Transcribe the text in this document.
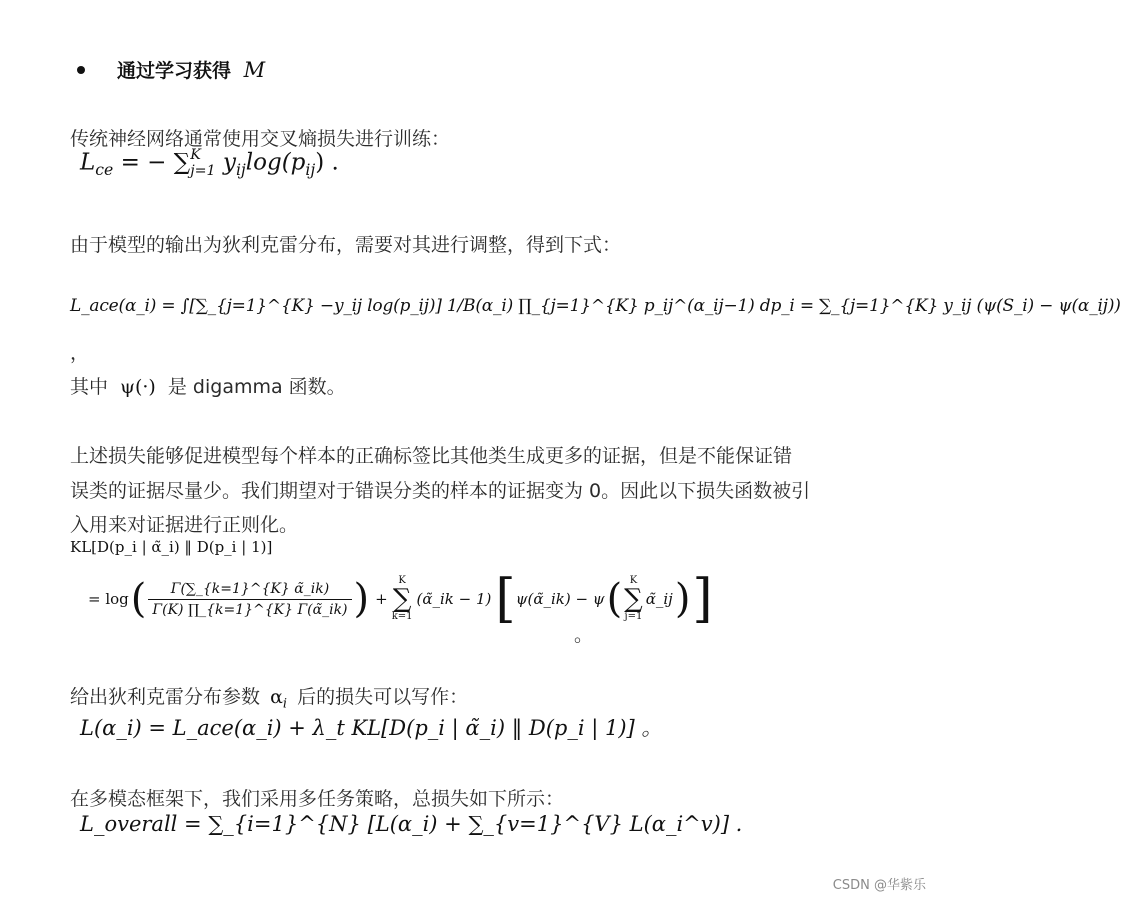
通过学习获得 M
传统神经网络通常使用交叉熵损失进行训练：
$L_{ce}$ = − ∑ K
j=1 $y_{ij}\log(p_{ij})$ .
由于模型的输出为狄利克雷分布，需要对其进行调整，得到下式：
L_ace(α_i) = ∫[∑_{j=1}^{K} −y_ij log(p_ij)] 1/B(α_i) ∏_{j=1}^{K} p_ij^(α_ij−1) dp_i = ∑_{j=1}^{K} y_ij (ψ(S_i) − ψ(α_ij))
，
其中 ψ(·) 是 digamma 函数。
上述损失能够促进模型每个样本的正确标签比其他类生成更多的证据，但是不能保证错
误类的证据尽量少。我们期望对于错误分类的样本的证据变为 0。因此以下损失函数被引
入用来对证据进行正则化。
KL[D(p_i | α̃_i) ‖ D(p_i | 1)]
= log ( $\frac{\Gamma(\sum\_\{k=1\}\^{}\{K\} \alphã\_ik)}{\Gamma(K) \prod\_\{k=1\}\^{}\{K\} \Gamma(\alphã\_ik)}$ ) +
K
∑
k=1
(α̃_ik − 1) [ ψ(α̃_ik) − ψ ( K
∑
j=1
α̃_ij ) ]
。
给出狄利克雷分布参数 $\alpha_i$ 后的损失可以写作：
L(α_i) = L_ace(α_i) + λ_t KL[D(p_i | α̃_i) ‖ D(p_i | 1)] 。
在多模态框架下，我们采用多任务策略，总损失如下所示：
L_overall = ∑_{i=1}^{N} [L(α_i) + ∑_{v=1}^{V} L(α_i^v)] .
CSDN @华紫乐
